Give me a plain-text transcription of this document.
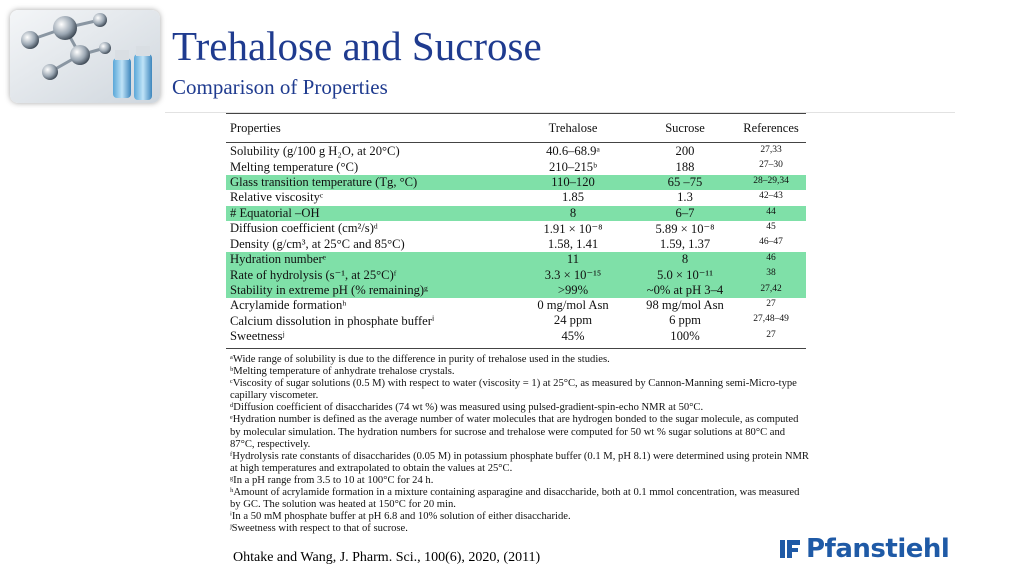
Trehalose and Sucrose
Comparison of Properties
Properties	Trehalose	Sucrose	References
Solubility (g/100 g H₂O, at 20°C)	40.6–68.9ᵃ	200	27,33
Melting temperature (°C)	210–215ᵇ	188	27–30
Glass transition temperature (Tg, °C)	110–120	65 –75	28–29,34
Relative viscosityᶜ	1.85	1.3	42–43
# Equatorial –OH	8	6–7	44
Diffusion coefficient (cm²/s)ᵈ	1.91 × 10⁻⁸	5.89 × 10⁻⁸	45
Density (g/cm³, at 25°C and 85°C)	1.58, 1.41	1.59, 1.37	46–47
Hydration numberᵉ	11	8	46
Rate of hydrolysis (s⁻¹, at 25°C)ᶠ	3.3 × 10⁻¹⁵	5.0 × 10⁻¹¹	38
Stability in extreme pH (% remaining)ᵍ	>99%	~0% at pH 3–4	27,42
Acrylamide formationʰ	0 mg/mol Asn	98 mg/mol Asn	27
Calcium dissolution in phosphate bufferⁱ	24 ppm	6 ppm	27,48–49
Sweetnessʲ	45%	100%	27

ᵃWide range of solubility is due to the difference in purity of trehalose used in the studies.

ᵇMelting temperature of anhydrate trehalose crystals.

ᶜViscosity of sugar solutions (0.5 M) with respect to water (viscosity = 1) at 25°C, as measured by Cannon-Manning semi-Micro-type capillary viscometer.

ᵈDiffusion coefficient of disaccharides (74 wt %) was measured using pulsed-gradient-spin-echo NMR at 50°C.

ᵉHydration number is defined as the average number of water molecules that are hydrogen bonded to the sugar molecule, as computed by molecular simulation. The hydration numbers for sucrose and trehalose were computed for 50 wt % sugar solutions at 80°C and 87°C, respectively.

ᶠHydrolysis rate constants of disaccharides (0.05 M) in potassium phosphate buffer (0.1 M, pH 8.1) were determined using protein NMR at high temperatures and extrapolated to obtain the values at 25°C.

ᵍIn a pH range from 3.5 to 10 at 100°C for 24 h.

ʰAmount of acrylamide formation in a mixture containing asparagine and disaccharide, both at 0.1 mmol concentration, was measured by GC. The solution was heated at 150°C for 20 min.

ⁱIn a 50 mM phosphate buffer at pH 6.8 and 10% solution of either disaccharide.

ʲSweetness with respect to that of sucrose.

Ohtake and Wang, J. Pharm. Sci., 100(6), 2020, (2011)	Pfanstiehl
